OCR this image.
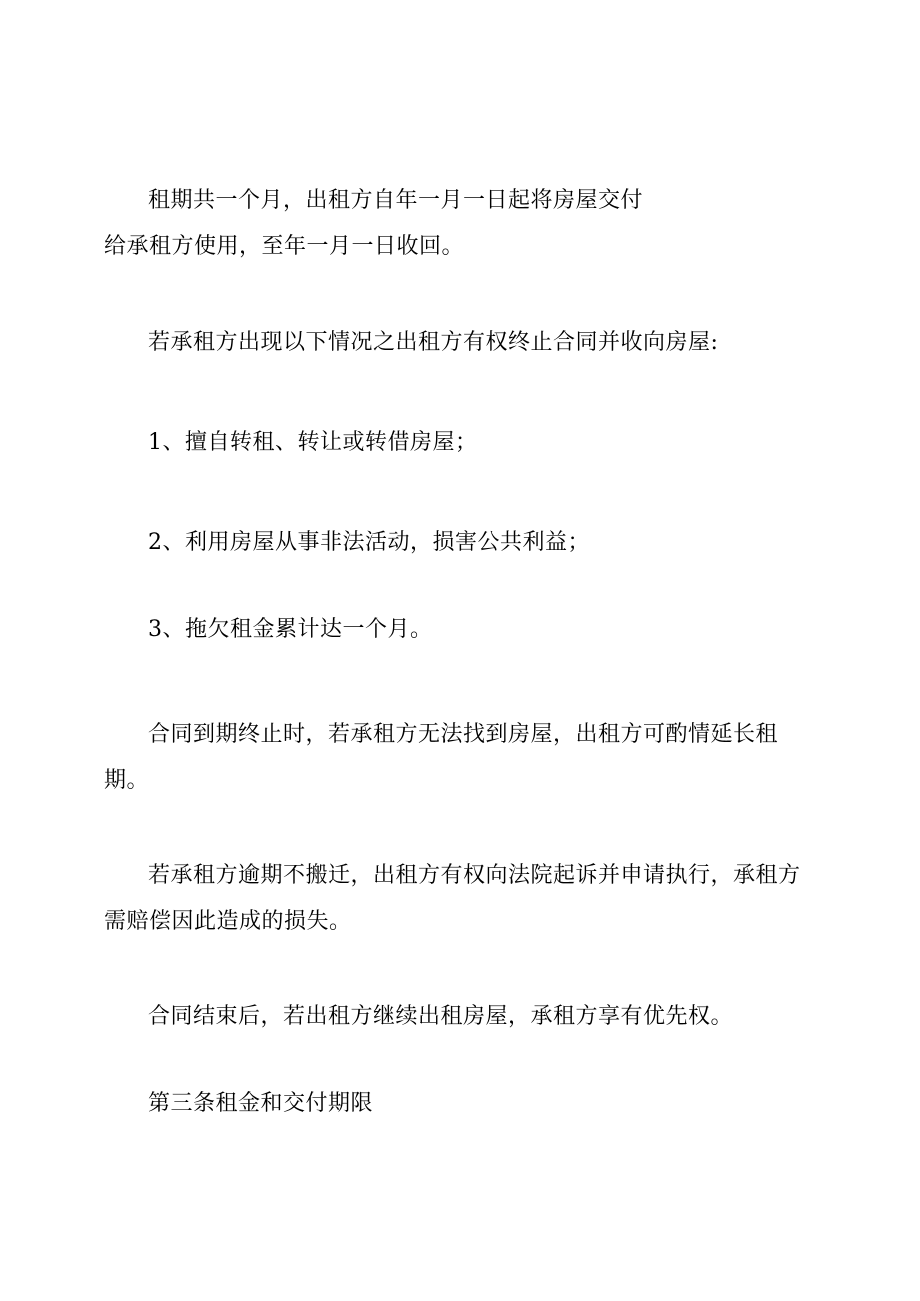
租期共一个月，出租方自年一月一日起将房屋交付给承租方使用，至年一月一日收回。

若承租方出现以下情况之出租方有权终止合同并收向房屋:

1、擅自转租、转让或转借房屋；

2、利用房屋从事非法活动，损害公共利益；

3、拖欠租金累计达一个月。

合同到期终止时，若承租方无法找到房屋，出租方可酌情延长租期。

若承租方逾期不搬迁，出租方有权向法院起诉并申请执行，承租方需赔偿因此造成的损失。

合同结束后，若出租方继续出租房屋，承租方享有优先权。

第三条租金和交付期限
